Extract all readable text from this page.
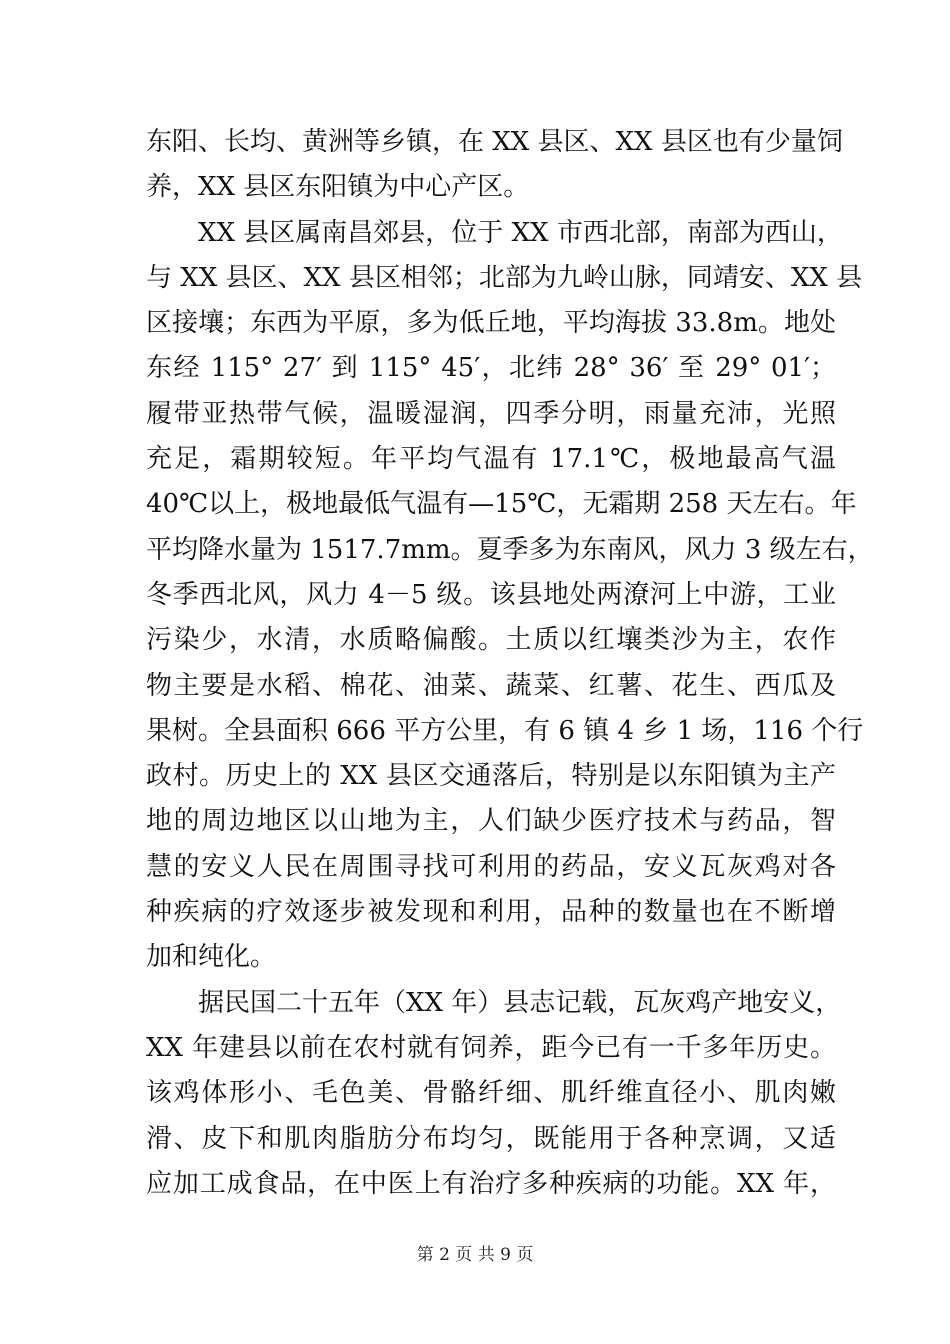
东阳、长均、黄洲等乡镇，在 XX 县区、XX 县区也有少量饲
养，XX 县区东阳镇为中心产区。
XX 县区属南昌郊县，位于 XX 市西北部，南部为西山，
与 XX 县区、XX 县区相邻；北部为九岭山脉，同靖安、XX 县
区接壤；东西为平原，多为低丘地，平均海拔 33.8m。地处
东经 115° 27′ 到 115° 45′，北纬 28° 36′ 至 29° 01′；
履带亚热带气候，温暖湿润，四季分明，雨量充沛，光照
充足，霜期较短。年平均气温有 17.1℃，极地最高气温
40℃以上，极地最低气温有—15℃，无霜期 258 天左右。年
平均降水量为 1517.7mm。夏季多为东南风，风力 3 级左右，
冬季西北风，风力 4－5 级。该县地处两潦河上中游，工业
污染少，水清，水质略偏酸。土质以红壤类沙为主，农作
物主要是水稻、棉花、油菜、蔬菜、红薯、花生、西瓜及
果树。全县面积 666 平方公里，有 6 镇 4 乡 1 场，116 个行
政村。历史上的 XX 县区交通落后，特别是以东阳镇为主产
地的周边地区以山地为主，人们缺少医疗技术与药品，智
慧的安义人民在周围寻找可利用的药品，安义瓦灰鸡对各
种疾病的疗效逐步被发现和利用，品种的数量也在不断增
加和纯化。
据民国二十五年（XX 年）县志记载，瓦灰鸡产地安义，
XX 年建县以前在农村就有饲养，距今已有一千多年历史。
该鸡体形小、毛色美、骨骼纤细、肌纤维直径小、肌肉嫩
滑、皮下和肌肉脂肪分布均匀，既能用于各种烹调，又适
应加工成食品，在中医上有治疗多种疾病的功能。XX 年，
第 2 页 共 9 页
